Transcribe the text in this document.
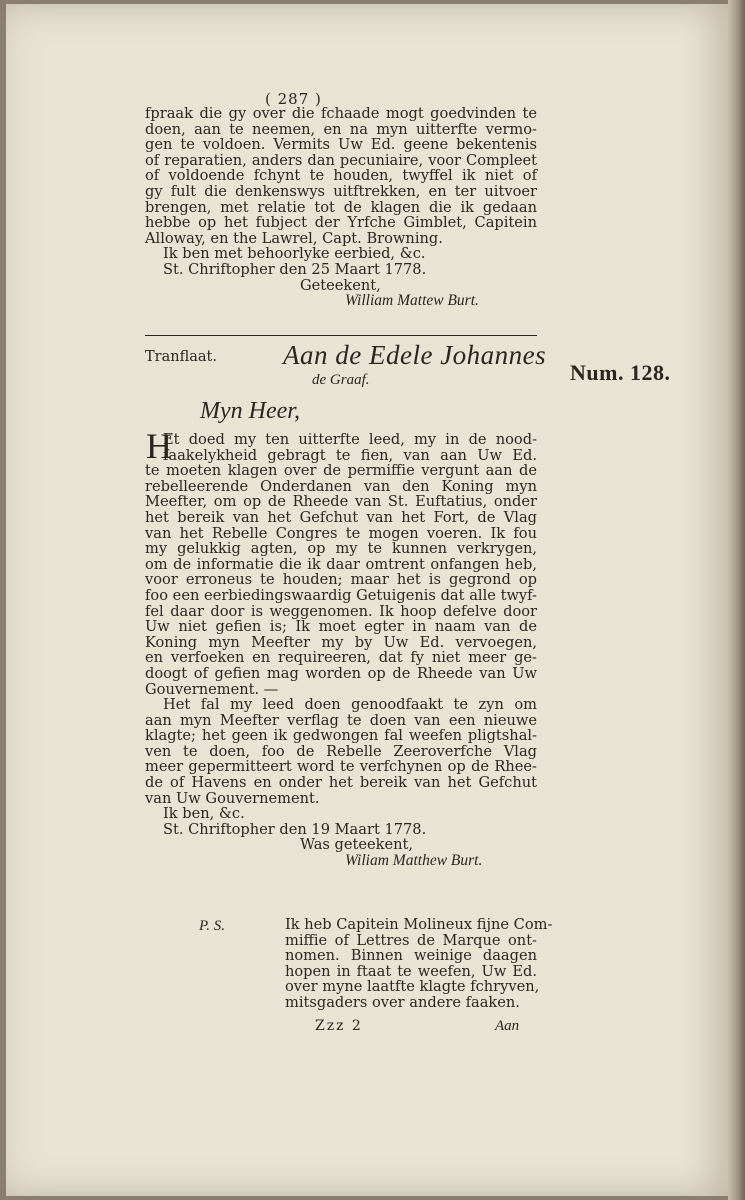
( 287 )
fpraak die gy over die fchaade mogt goedvinden te
doen, aan te neemen, en na myn uitterfte vermo-
gen te voldoen. Vermits Uw Ed. geene bekentenis
of reparatien, anders dan pecuniaire, voor Compleet
of voldoende fchynt te houden, twyffel ik niet of
gy fult die denkenswys uitftrekken, en ter uitvoer
brengen, met relatie tot de klagen die ik gedaan
hebbe op het fubject der Yrfche Gimblet, Capitein
Alloway, en the Lawrel, Capt. Browning.
Ik ben met behoorlyke eerbied, &c.
St. Chriftopher den 25 Maart 1778.
Geteekent,
William Mattew Burt.
Tranflaat. Aan de Edele Johannes
de Graaf.	Num. 128.
Myn Heer,
H
Et doed my ten uitterfte leed, my in de nood-
faakelykheid gebragt te fien, van aan Uw Ed.
te moeten klagen over de permiffie vergunt aan de
rebelleerende Onderdanen van den Koning myn
Meefter, om op de Rheede van St. Euftatius, onder
het bereik van het Gefchut van het Fort, de Vlag
van het Rebelle Congres te mogen voeren. Ik fou
my gelukkig agten, op my te kunnen verkrygen,
om de informatie die ik daar omtrent onfangen heb,
voor erroneus te houden; maar het is gegrond op
foo een eerbiedingswaardig Getuigenis dat alle twyf-
fel daar door is weggenomen. Ik hoop defelve door
Uw niet gefien is; Ik moet egter in naam van de
Koning myn Meefter my by Uw Ed. vervoegen,
en verfoeken en requireeren, dat fy niet meer ge-
doogt of gefien mag worden op de Rheede van Uw
Gouvernement. —
Het fal my leed doen genoodfaakt te zyn om
aan myn Meefter verflag te doen van een nieuwe
klagte; het geen ik gedwongen fal weefen pligtshal-
ven te doen, foo de Rebelle Zeeroverfche Vlag
meer gepermitteert word te verfchynen op de Rhee-
de of Havens en onder het bereik van het Gefchut
van Uw Gouvernement.
Ik ben, &c.
St. Chriftopher den 19 Maart 1778.
Was geteekent,
Wiliam Matthew Burt.
P. S.	Ik heb Capitein Molineux fijne Com-
miffie of Lettres de Marque ont-
nomen. Binnen weinige daagen
hopen in ftaat te weefen, Uw Ed.
over myne laatfte klagte fchryven,
mitsgaders over andere faaken.
Zzz 2	Aan
